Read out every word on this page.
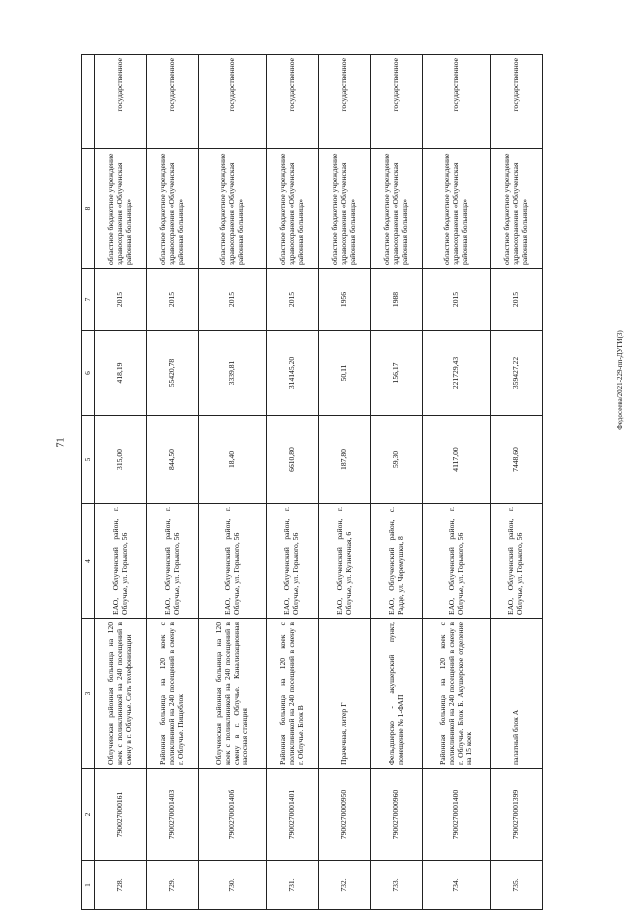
71
Федосеева/2021-229-пп-ДУГИ(3)
1	2	3	4	5	6	7	8	
728.	790027000161	Облученская районная больница на 120 коек с поликлиникой на 240 посещений в смену в г. Облучье. Сеть телефонизации	ЕАО, Облученский район, г. Облучье, ул. Горького, 56	315,00	418,19	2015	областное бюджетное учреждение здравоохранения «Облученская районная больница»	государственное
729.	790027000140З	Районная больница на 120 коек с поликлиникой на 240 посещений в смену в г. Облучье. Пищеблок	ЕАО, Облученский район, г. Облучье, ул. Горького, 56	844,50	55420,78	2015	областное бюджетное учреждение здравоохранения «Облученская районная больница»	государственное
730.	790027000140б	Облученская районная больница на 120 коек с поликлиникой на 240 посещений в смену в г. Облучье. Канализационная насосная станция	ЕАО, Облученский район, г. Облучье, ул. Горького, 56	18,40	3339,81	2015	областное бюджетное учреждение здравоохранения «Облученская районная больница»	государственное
731.	7900270001401	Районная больница на 120 коек с поликлиникой на 240 посещений в смену в г. Облучье. Блок В	ЕАО, Облученский район, г. Облучье, ул. Горького, 56	6610,80	314145,20	2015	областное бюджетное учреждение здравоохранения «Облученская районная больница»	государственное
732.	7900270000950	Прачечная, литер Г	ЕАО, Облученский район, г. Облучье, ул. Кузнечная, 6	187,80	50,11	1956	областное бюджетное учреждение здравоохранения «Облученская районная больница»	государственное
733.	7900270000960	Фельдшерско - акушерский пункт, помещение № 1-ФАП	ЕАО, Облученский район, с. Радде, ул. Черемушки, 8	59,30	156,17	1988	областное бюджетное учреждение здравоохранения «Облученская районная больница»	государственное
734.	7900270001400	Районная больница на 120 коек с поликлиникой на 240 посещений в смену в г. Облучье. Блок Б. Акушерское отделение на 15 коек	ЕАО, Облученский район, г. Облучье, ул. Горького, 56	4117,00	221729,43	2015	областное бюджетное учреждение здравоохранения «Облученская районная больница»	государственное
735.	7900270001399	палатный блок А	ЕАО, Облученский район, г. Облучье, ул. Горького, 56	7448,60	359427,22	2015	областное бюджетное учреждение здравоохранения «Облученская районная больница»	государственное
